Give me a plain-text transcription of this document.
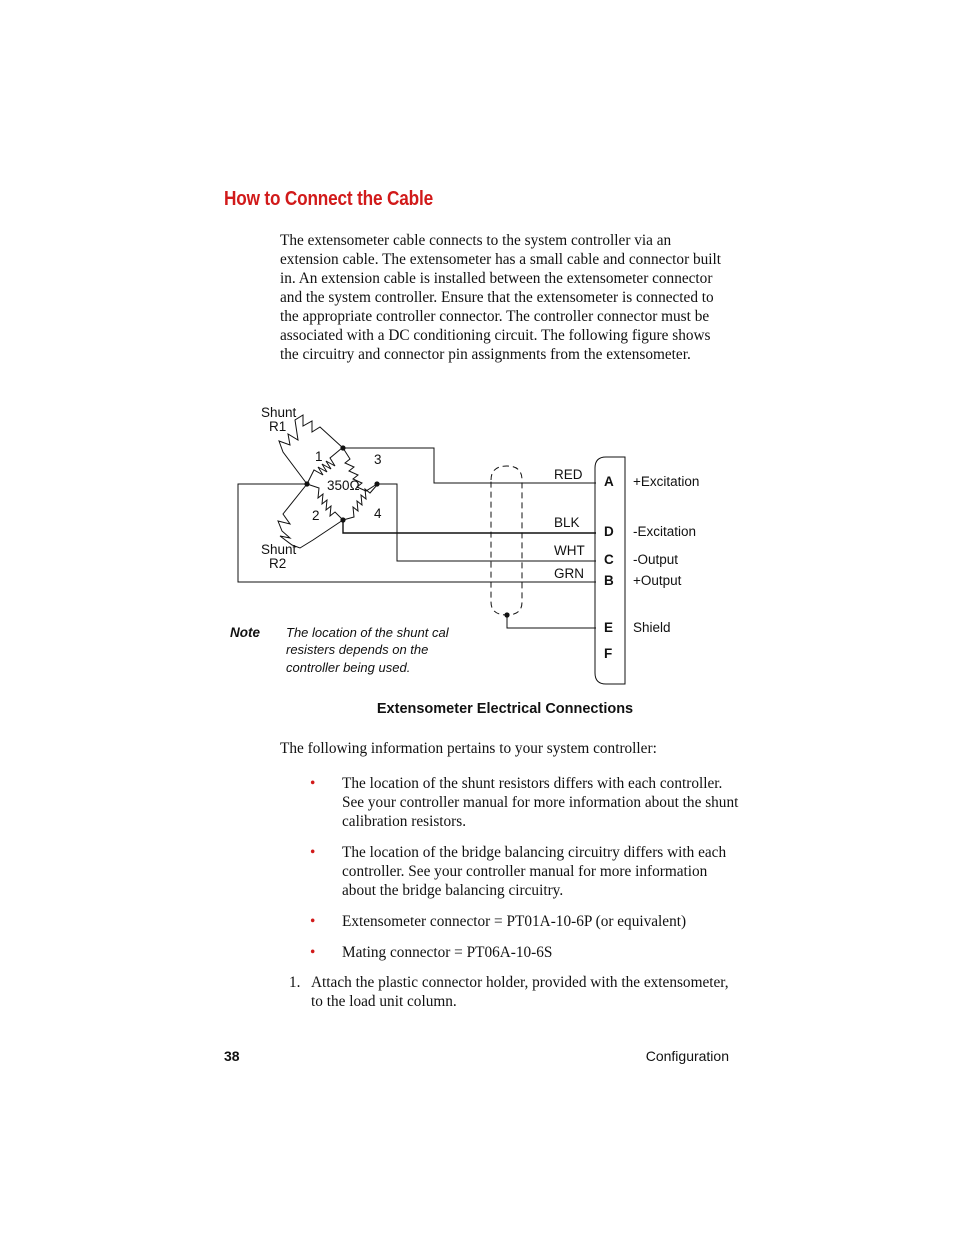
How to Connect the Cable
The extensometer cable connects to the system controller via an extension cable. The extensometer has a small cable and connector built in. An extension cable is installed between the extensometer connector and the system controller. Ensure that the extensometer is connected to the appropriate controller connector. The controller connector must be associated with a DC conditioning circuit. The following figure shows the circuitry and connector pin assignments from the extensometer.
Shunt
R1
Shunt
R2
1	3
2	4
350Ω
RED
BLK
WHT
GRN
+Excitation
-Excitation
-Output
+Output
Shield
A
D
C
B
E
F
Note The location of the shunt cal
resisters depends on the
controller being used.
Extensometer Electrical Connections
The following information pertains to your system controller:
• The location of the shunt resistors differs with each controller. See your controller manual for more information about the shunt calibration resistors.
• The location of the bridge balancing circuitry differs with each controller. See your controller manual for more information about the bridge balancing circuitry.
• Extensometer connector = PT01A-10-6P (or equivalent)
• Mating connector = PT06A-10-6S
1. Attach the plastic connector holder, provided with the extensometer, to the load unit column.
38	Configuration
